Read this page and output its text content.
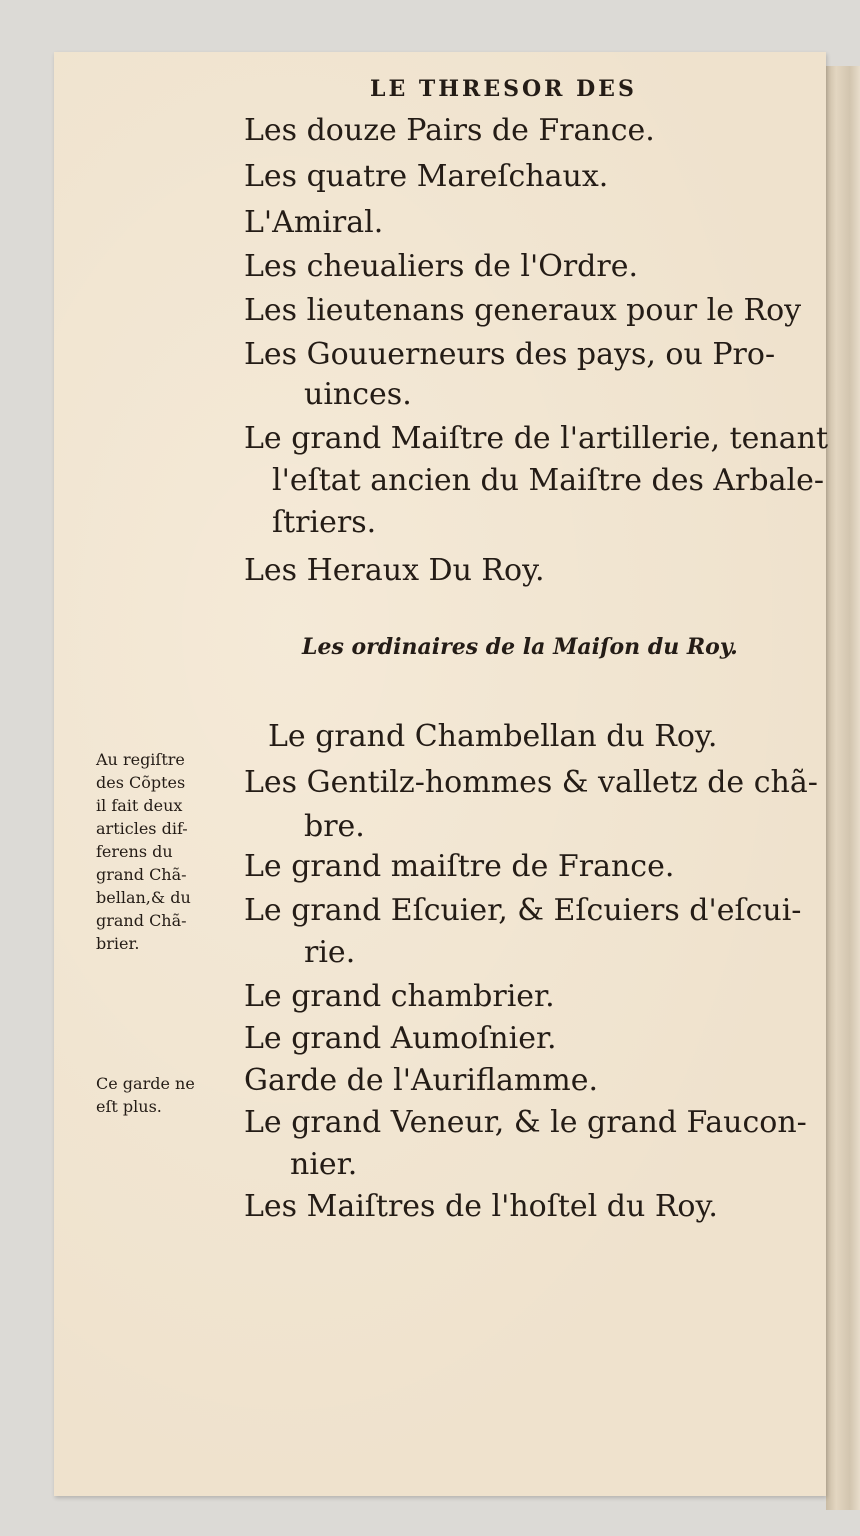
LE THRESOR DES
Les douze Pairs de France.
Les quatre Mareſchaux.
L'Amiral.
Les cheualiers de l'Ordre.
Les lieutenans generaux pour le Roy
Les Gouuerneurs des pays, ou Pro-
uinces.
Le grand Maiſtre de l'artillerie, tenant
l'eſtat ancien du Maiſtre des Arbale-
ſtriers.
Les Heraux Du Roy.
Les ordinaires de la Maiſon du Roy.
Le grand Chambellan du Roy.
Les Gentilz-hommes & valletz de chã-
bre.
Le grand maiſtre de France.
Le grand Eſcuier, & Eſcuiers d'eſcui-
rie.
Le grand chambrier.
Le grand Aumoſnier.
Garde de l'Auriflamme.
Le grand Veneur, & le grand Faucon-
nier.
Les Maiſtres de l'hoſtel du Roy.
Au regiſtre
des Cõptes
il fait deux
articles dif-
ferens du
grand Chã-
bellan,& du
grand Chã-
brier.
Ce garde ne
eſt plus.
